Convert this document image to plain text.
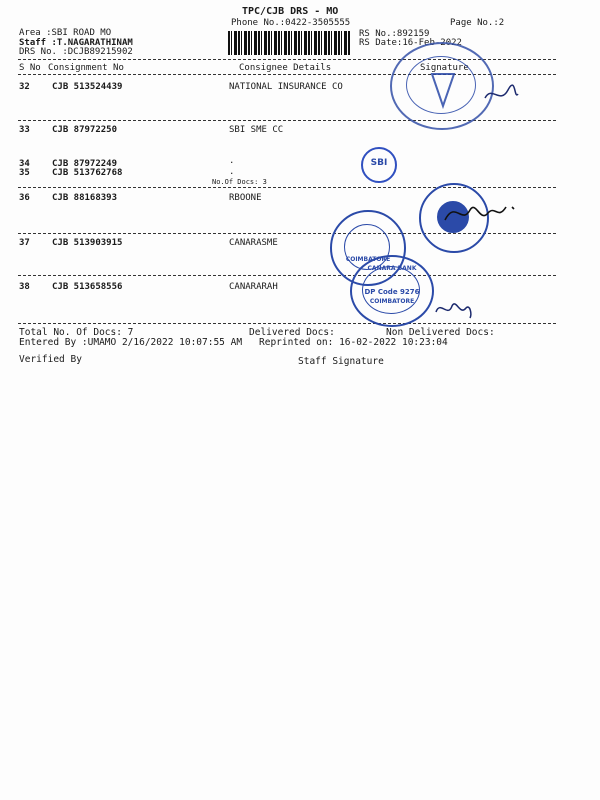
TPC/CJB DRS - MO
Phone No.:0422-3505555	Page No.:2
Area :SBI ROAD MO
Staff :T.NAGARATHINAM
DRS No. :DCJB89215902
RS No.:892159
RS Date:16-Feb-2022
S No Consignment No	Consignee Details	Signature
32 CJB 513524439	NATIONAL INSURANCE CO
33 CJB 87972250	SBI SME CC
34 CJB 87972249	.
35 CJB 513762768	.
No.Of Docs: 3
36 CJB 88168393	RBOONE
37 CJB 513903915	CANARASME
38 CJB 513658556	CANARARAH
Total No. Of Docs: 7	Delivered Docs:	Non Delivered Docs:
Entered By :UMAMO 2/16/2022 10:07:55 AM Reprinted on: 16-02-2022 10:23:04
Verified By	Staff Signature
SBI
COIMBATORE
CANARA BANK
DP Code 9276
COIMBATORE
